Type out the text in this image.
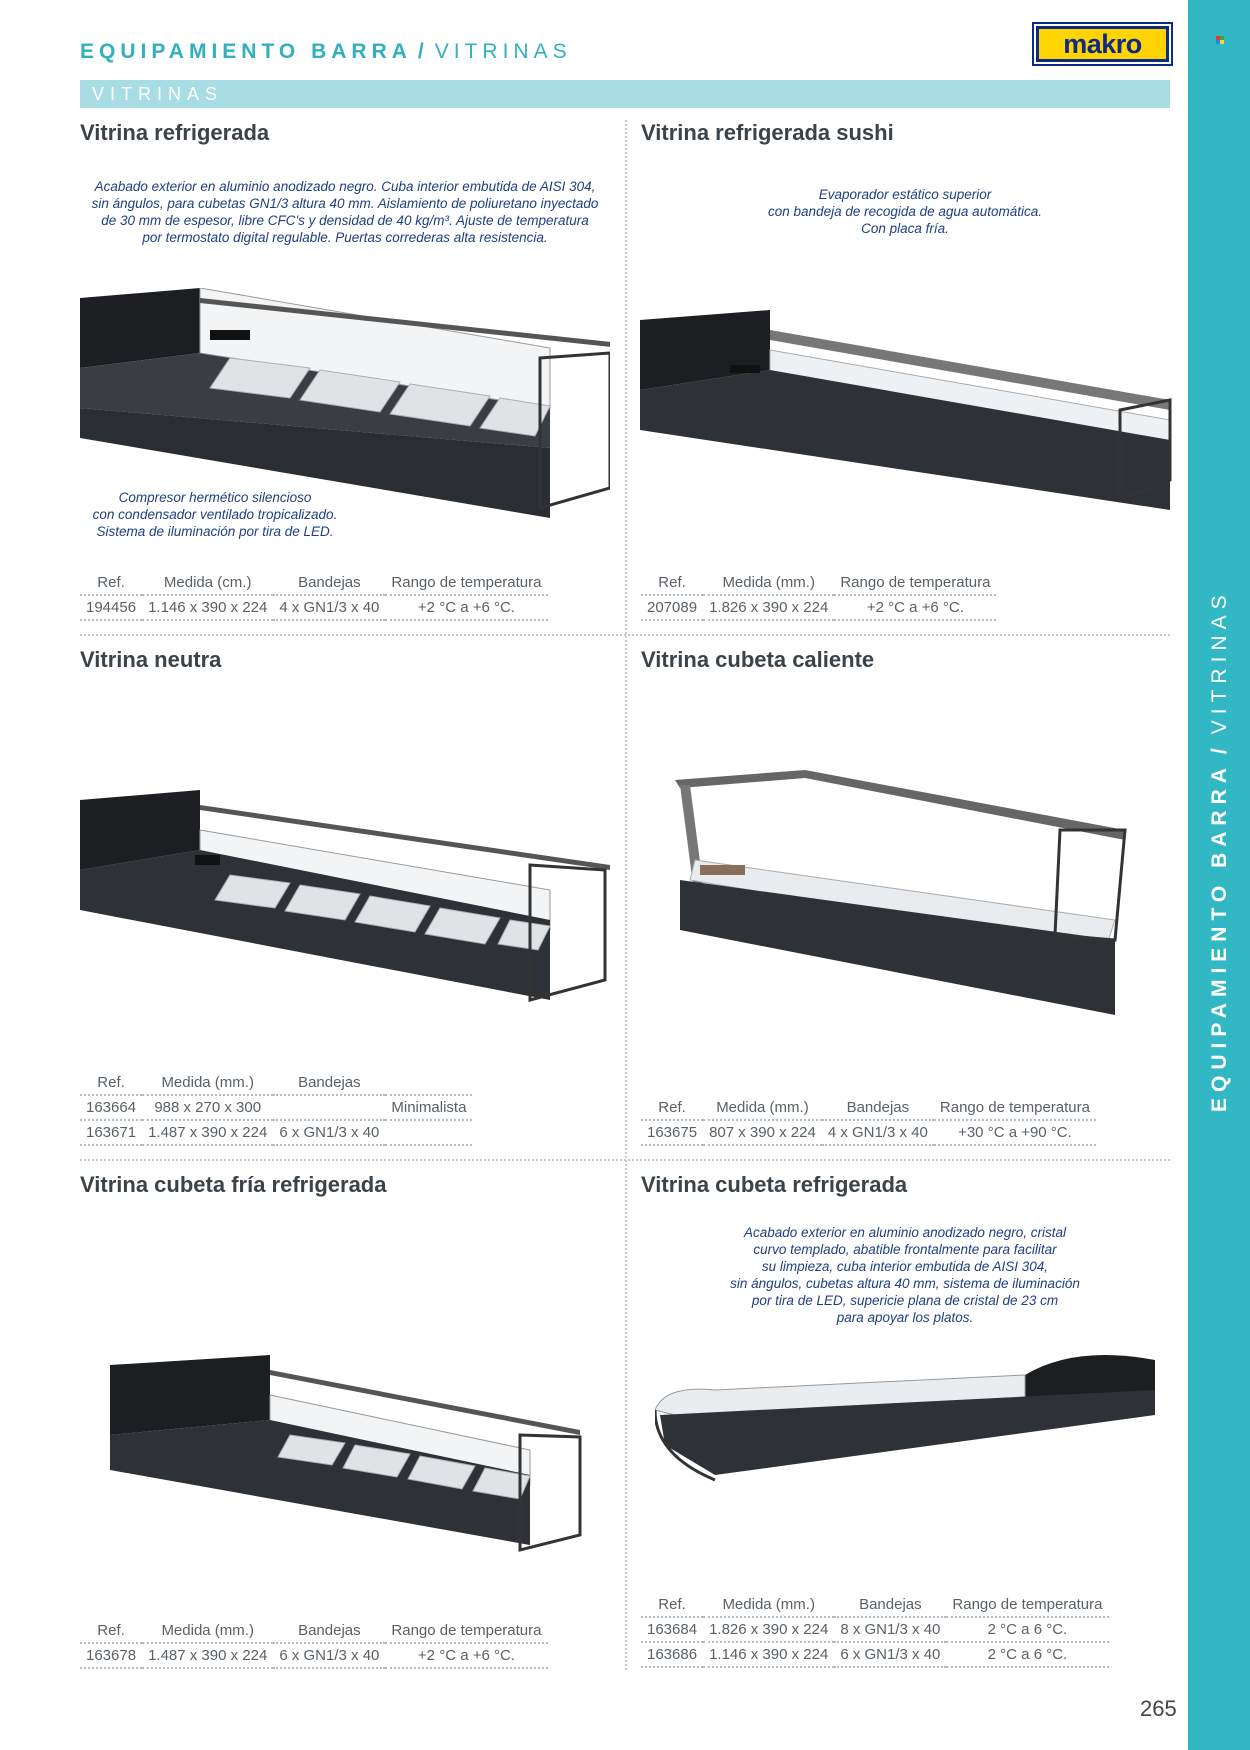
EQUIPAMIENTO BARRA/VITRINAS
EQUIPAMIENTO BARRA / VITRINAS	makro
VITRINAS
Vitrina refrigerada
Acabado exterior en aluminio anodizado negro. Cuba interior embutida de AISI 304,
sin ángulos, para cubetas GN1/3 altura 40 mm. Aislamiento de poliuretano inyectado
de 30 mm de espesor, libre CFC's y densidad de 40 kg/m³. Ajuste de temperatura
por termostato digital regulable. Puertas correderas alta resistencia.
Compresor hermético silencioso
con condensador ventilado tropicalizado.
Sistema de iluminación por tira de LED.
Ref.	Medida (cm.)	Bandejas	Rango de temperatura
194456	1.146 x 390 x 224	4 x GN1/3 x 40	+2 °C a +6 °C.
Vitrina refrigerada sushi
Evaporador estático superior
con bandeja de recogida de agua automática.
Con placa fría.
Ref.	Medida (mm.)	Rango de temperatura
207089	1.826 x 390 x 224	+2 °C a +6 °C.
Vitrina neutra
Ref.	Medida (mm.)	Bandejas	
163664	988 x 270 x 300		Minimalista
163671	1.487 x 390 x 224	6 x GN1/3 x 40	
Vitrina cubeta caliente
Ref.	Medida (mm.)	Bandejas	Rango de temperatura
163675	807 x 390 x 224	4 x GN1/3 x 40	+30 °C a +90 °C.
Vitrina cubeta fría refrigerada
Ref.	Medida (mm.)	Bandejas	Rango de temperatura
163678	1.487 x 390 x 224	6 x GN1/3 x 40	+2 °C a +6 °C.
Vitrina cubeta refrigerada
Acabado exterior en aluminio anodizado negro, cristal
curvo templado, abatible frontalmente para facilitar
su limpieza, cuba interior embutida de AISI 304,
sin ángulos, cubetas altura 40 mm, sistema de iluminación
por tira de LED, supericie plana de cristal de 23 cm
para apoyar los platos.
Ref.	Medida (mm.)	Bandejas	Rango de temperatura
163684	1.826 x 390 x 224	8 x GN1/3 x 40	2 °C a 6 °C.
163686	1.146 x 390 x 224	6 x GN1/3 x 40	2 °C a 6 °C.
265
